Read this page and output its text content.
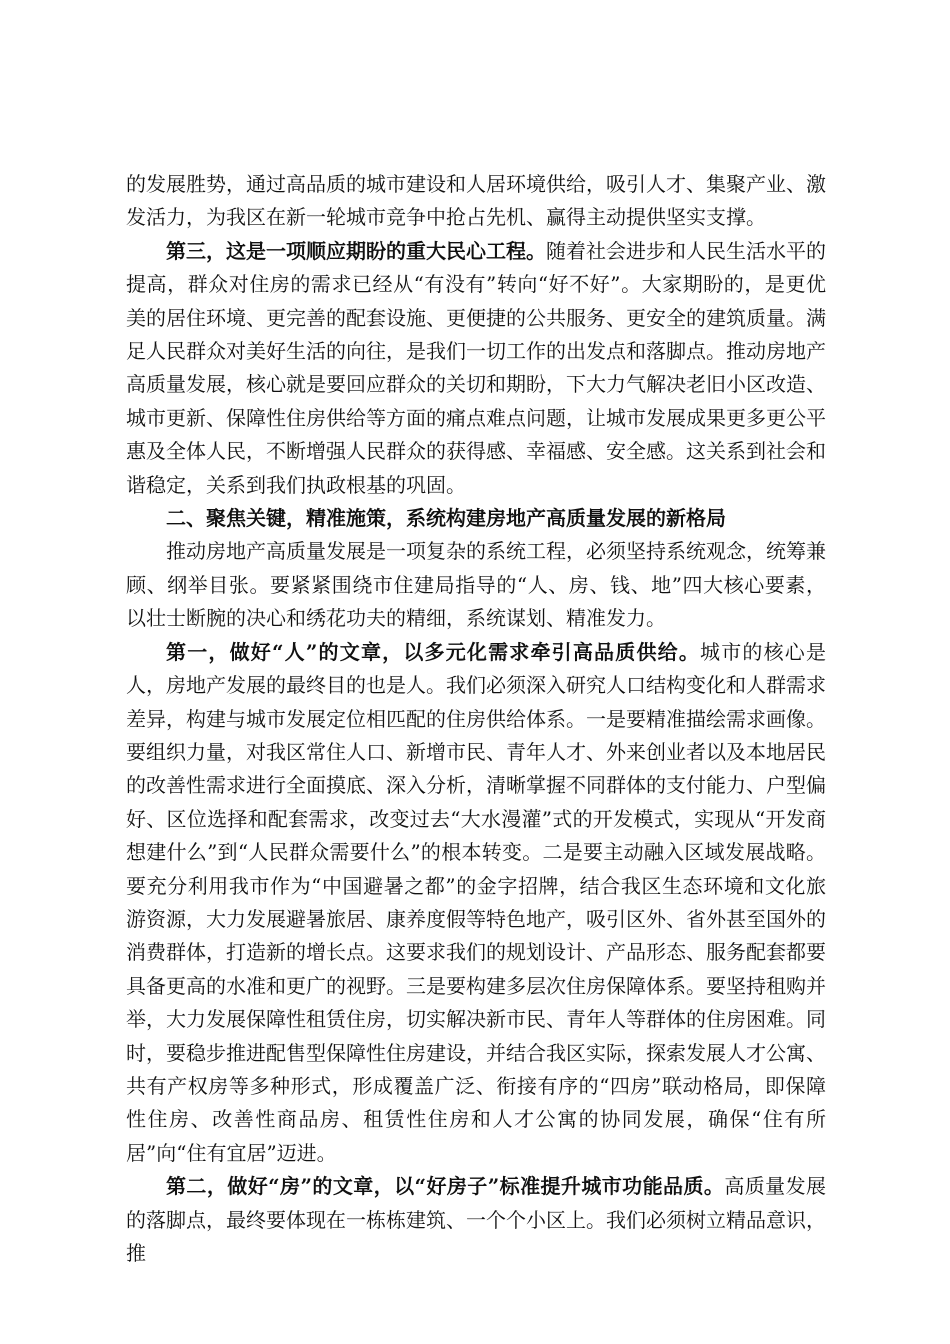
的发展胜势，通过高品质的城市建设和人居环境供给，吸引人才、集聚产业、激发活力，为我区在新一轮城市竞争中抢占先机、赢得主动提供坚实支撑。

第三，这是一项顺应期盼的重大民心工程。随着社会进步和人民生活水平的提高，群众对住房的需求已经从“有没有”转向“好不好”。大家期盼的，是更优美的居住环境、更完善的配套设施、更便捷的公共服务、更安全的建筑质量。满足人民群众对美好生活的向往，是我们一切工作的出发点和落脚点。推动房地产高质量发展，核心就是要回应群众的关切和期盼，下大力气解决老旧小区改造、城市更新、保障性住房供给等方面的痛点难点问题，让城市发展成果更多更公平惠及全体人民，不断增强人民群众的获得感、幸福感、安全感。这关系到社会和谐稳定，关系到我们执政根基的巩固。

二、聚焦关键，精准施策，系统构建房地产高质量发展的新格局

推动房地产高质量发展是一项复杂的系统工程，必须坚持系统观念，统筹兼顾、纲举目张。要紧紧围绕市住建局指导的“人、房、钱、地”四大核心要素，以壮士断腕的决心和绣花功夫的精细，系统谋划、精准发力。

第一，做好“人”的文章，以多元化需求牵引高品质供给。城市的核心是人，房地产发展的最终目的也是人。我们必须深入研究人口结构变化和人群需求差异，构建与城市发展定位相匹配的住房供给体系。一是要精准描绘需求画像。要组织力量，对我区常住人口、新增市民、青年人才、外来创业者以及本地居民的改善性需求进行全面摸底、深入分析，清晰掌握不同群体的支付能力、户型偏好、区位选择和配套需求，改变过去“大水漫灌”式的开发模式，实现从“开发商想建什么”到“人民群众需要什么”的根本转变。二是要主动融入区域发展战略。要充分利用我市作为“中国避暑之都”的金字招牌，结合我区生态环境和文化旅游资源，大力发展避暑旅居、康养度假等特色地产，吸引区外、省外甚至国外的消费群体，打造新的增长点。这要求我们的规划设计、产品形态、服务配套都要具备更高的水准和更广的视野。三是要构建多层次住房保障体系。要坚持租购并举，大力发展保障性租赁住房，切实解决新市民、青年人等群体的住房困难。同时，要稳步推进配售型保障性住房建设，并结合我区实际，探索发展人才公寓、共有产权房等多种形式，形成覆盖广泛、衔接有序的“四房”联动格局，即保障性住房、改善性商品房、租赁性住房和人才公寓的协同发展，确保“住有所居”向“住有宜居”迈进。

第二，做好“房”的文章，以“好房子”标准提升城市功能品质。高质量发展的落脚点，最终要体现在一栋栋建筑、一个个小区上。我们必须树立精品意识，推
